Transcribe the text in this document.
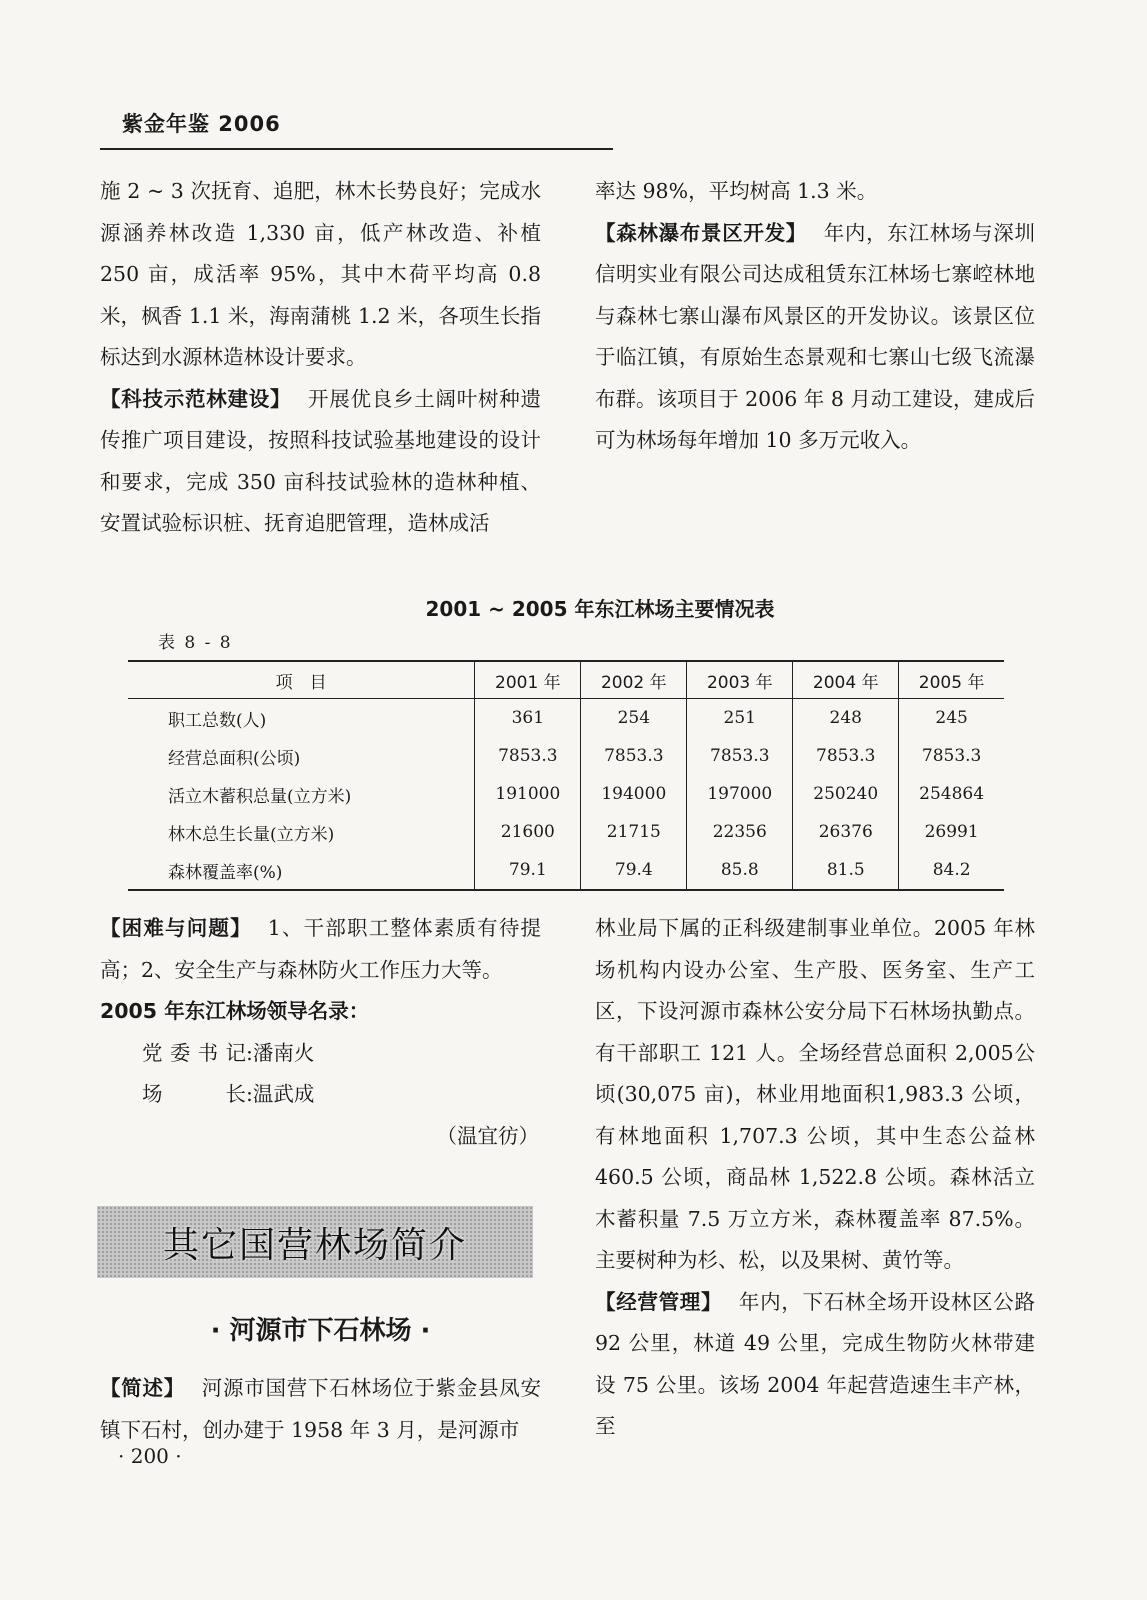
紫金年鉴 2006

施 2 ~ 3 次抚育、追肥，林木长势良好；完成水源涵养林改造 1,330 亩，低产林改造、补植 250 亩，成活率 95%，其中木荷平均高 0.8 米，枫香 1.1 米，海南蒲桃 1.2 米，各项生长指标达到水源林造林设计要求。

【科技示范林建设】 开展优良乡土阔叶树种遗传推广项目建设，按照科技试验基地建设的设计和要求，完成 350 亩科技试验林的造林种植、安置试验标识桩、抚育追肥管理，造林成活

率达 98%，平均树高 1.3 米。

【森林瀑布景区开发】 年内，东江林场与深圳信明实业有限公司达成租赁东江林场七寨崆林地与森林七寨山瀑布风景区的开发协议。该景区位于临江镇，有原始生态景观和七寨山七级飞流瀑布群。该项目于 2006 年 8 月动工建设，建成后可为林场每年增加 10 多万元收入。

2001 ~ 2005 年东江林场主要情况表
表 8 - 8
项　目	2001 年	2002 年	2003 年	2004 年	2005 年
职工总数(人)	361	254	251	248	245
经营总面积(公顷)	7853.3	7853.3	7853.3	7853.3	7853.3
活立木蓄积总量(立方米)	191000	194000	197000	250240	254864
林木总生长量(立方米)	21600	21715	22356	26376	26991
森林覆盖率(%)	79.1	79.4	85.8	81.5	84.2

【困难与问题】 1、干部职工整体素质有待提高；2、安全生产与森林防火工作压力大等。

2005 年东江林场领导名录：

党委书记:潘南火

场长:温武成

（温宜彷）

其它国营林场简介
· 河源市下石林场 ·

【简述】 河源市国营下石林场位于紫金县凤安镇下石村，创办建于 1958 年 3 月，是河源市

林业局下属的正科级建制事业单位。2005 年林场机构内设办公室、生产股、医务室、生产工区，下设河源市森林公安分局下石林场执勤点。有干部职工 121 人。全场经营总面积 2,005公顷(30,075 亩)，林业用地面积1,983.3 公顷，有林地面积 1,707.3 公顷，其中生态公益林 460.5 公顷，商品林 1,522.8 公顷。森林活立木蓄积量 7.5 万立方米，森林覆盖率 87.5%。主要树种为杉、松，以及果树、黄竹等。

【经营管理】 年内，下石林全场开设林区公路 92 公里，林道 49 公里，完成生物防火林带建设 75 公里。该场 2004 年起营造速生丰产林，至

· 200 ·
